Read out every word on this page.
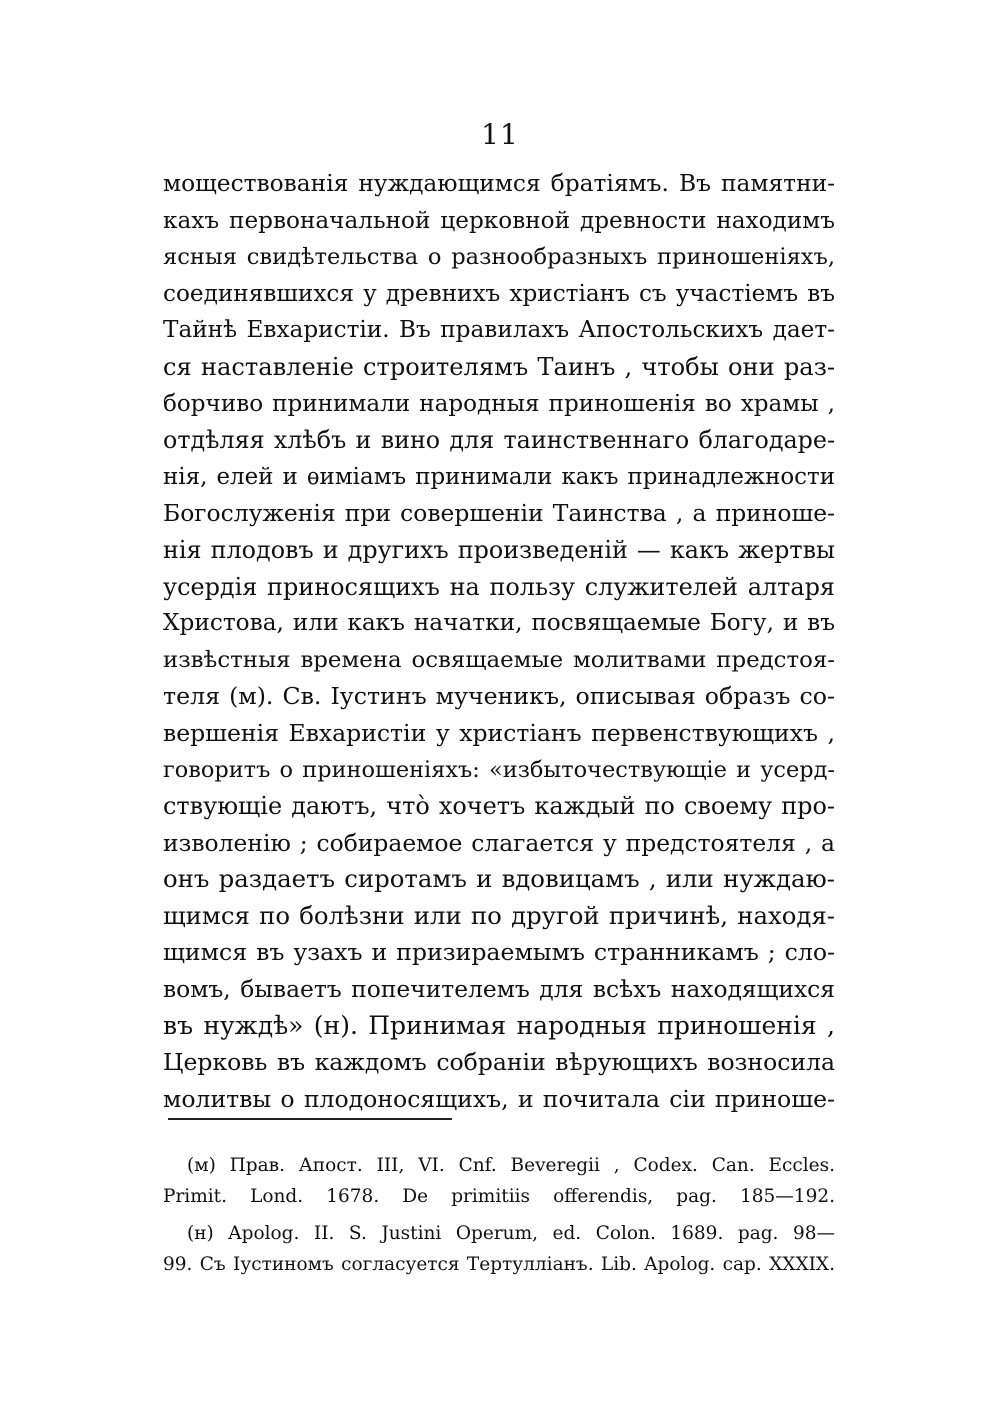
11
моществованія нуждающимся братіямъ. Въ памятни-
кахъ первоначальной церковной древности находимъ
ясныя свидѣтельства о разнообразныхъ приношеніяхъ,
соединявшихся у древнихъ христіанъ съ участіемъ въ
Тайнѣ Евхаристіи. Въ правилахъ Апостольскихъ дает-
ся наставленіе строителямъ Таинъ , чтобы они раз-
борчиво принимали народныя приношенія во храмы ,
отдѣляя хлѣбъ и вино для таинственнаго благодаре-
нія, елей и ѳиміамъ принимали какъ принадлежности
Богослуженія при совершеніи Таинства , а приноше-
нія плодовъ и другихъ произведеній — какъ жертвы
усердія приносящихъ на пользу служителей алтаря
Христова, или какъ начатки, посвящаемые Богу, и въ
извѣстныя времена освящаемые молитвами предстоя-
теля (м). Св. Іустинъ мученикъ, описывая образъ со-
вершенія Евхаристіи у христіанъ первенствующихъ ,
говоритъ о приношеніяхъ: «избыточествующіе и усерд-
ствующіе даютъ, что̀ хочетъ каждый по своему про-
изволенію ; собираемое слагается у предстоятеля , а
онъ раздаетъ сиротамъ и вдовицамъ , или нуждаю-
щимся по болѣзни или по другой причинѣ, находя-
щимся въ узахъ и призираемымъ странникамъ ; сло-
вомъ, бываетъ попечителемъ для всѣхъ находящихся
въ нуждѣ» (н). Принимая народныя приношенія ,
Церковь въ каждомъ собраніи вѣрующихъ возносила
молитвы о плодоносящихъ, и почитала сіи приноше-
(м) Прав. Апост. III, VI. Cnf. Beveregii , Codex. Can. Eccles.
Primit. Lond. 1678. De primitiis offerendis, pag. 185—192.
(н) Apolog. II. S. Justini Operum, ed. Colon. 1689. pag. 98—
99. Съ Іустиномъ согласуется Тертулліанъ. Lib. Apolog. cap. XXXIX.
